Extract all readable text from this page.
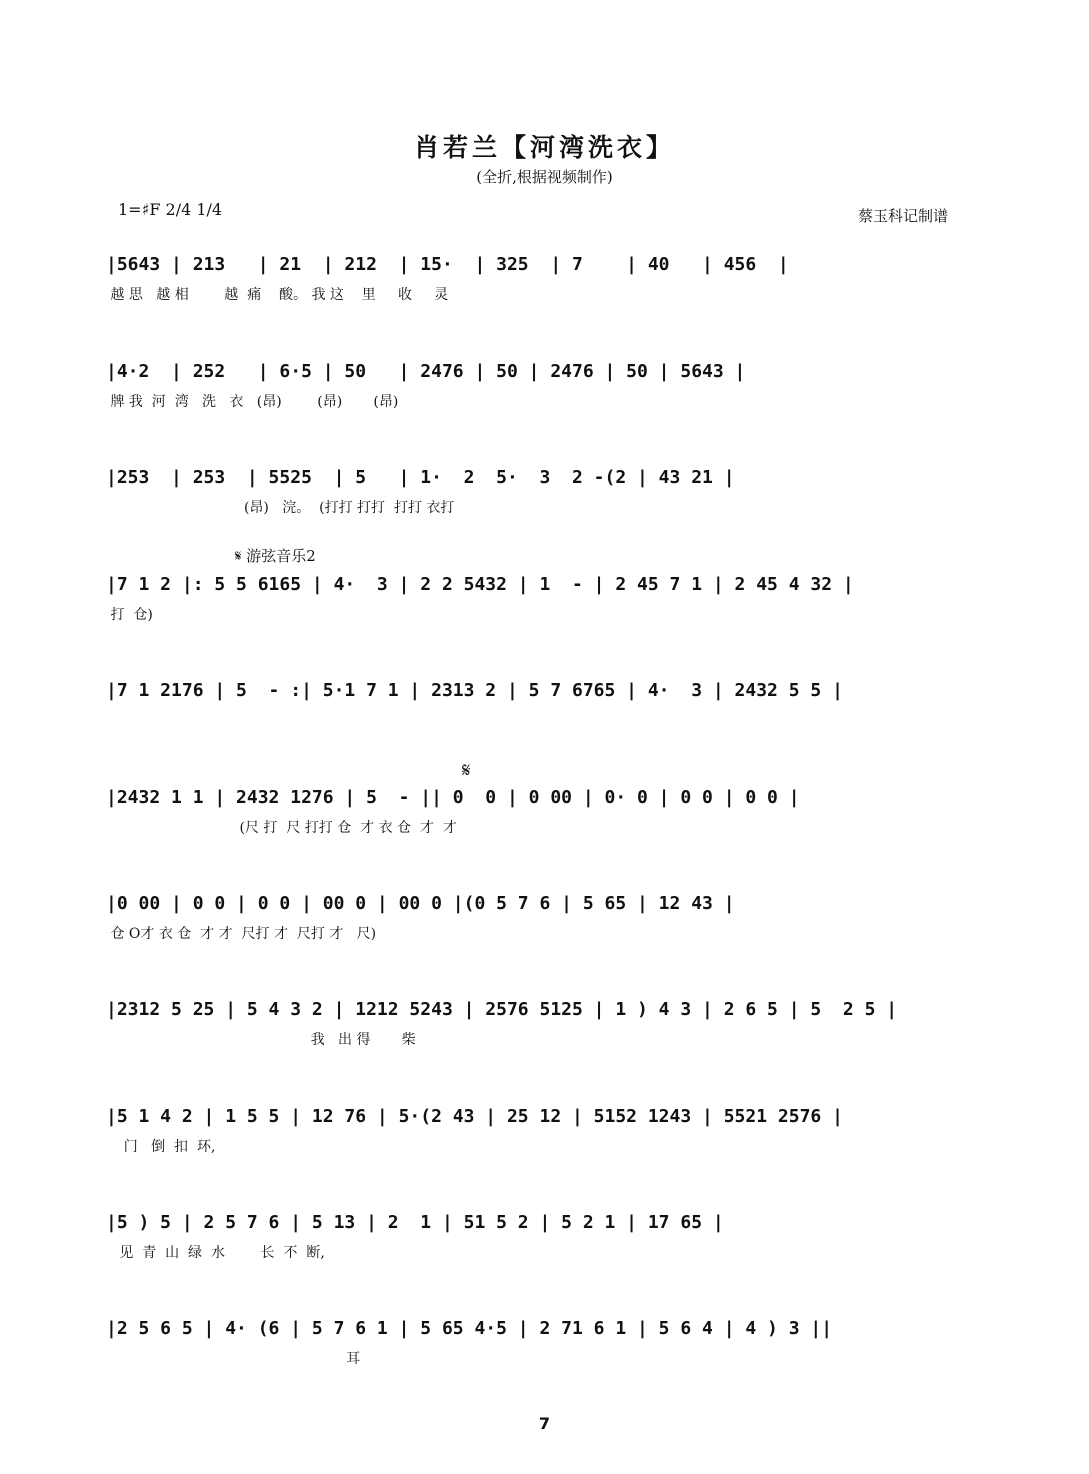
肖若兰【河湾洗衣】
(全折,根据视频制作)
1=♯F 2/4 1/4	蔡玉科记制谱
𝄋 游弦音乐2
𝄋
|5643 | 213   | 21  | 212  | 15·  | 325  | 7    | 40   | 456  |
越 思   越 相        越  痛    酸。 我 这    里     收     灵
|4·2  | 252   | 6·5 | 50   | 2476 | 50 | 2476 | 50 | 5643 |
牌 我  河  湾   洗   衣   (昂)        (昂)       (昂)
|253  | 253  | 5525  | 5   | 1·  2  5·  3  2 -(2 | 43 21 |
(昂)   浣。  (打打 打打  打打 衣打
|7 1 2 |: 5 5 6165 | 4·  3 | 2 2 5432 | 1  - | 2 45 7 1 | 2 45 4 32 |
打  仓)
|7 1 2176 | 5  - :| 5·1 7 1 | 2313 2 | 5 7 6765 | 4·  3 | 2432 5 5 |
|2432 1 1 | 2432 1276 | 5  - || 0  0 | 0 00 | 0· 0 | 0 0 | 0 0 |
(尺 打  尺 打打 仓  才 衣 仓  才  才
|0 00 | 0 0 | 0 0 | 00 0 | 00 0 |(0 5 7 6 | 5 65 | 12 43 |
仓 O才 衣 仓  才 才  尺打 才  尺打 才   尺)
|2312 5 25 | 5 4 3 2 | 1212 5243 | 2576 5125 | 1 ) 4 3 | 2 6 5 | 5  2 5 |
我   出 得       柴
|5 1 4 2 | 1 5 5 | 12 76 | 5·(2 43 | 25 12 | 5152 1243 | 5521 2576 |
门   倒  扣  环,
|5 ) 5 | 2 5 7 6 | 5 13 | 2  1 | 51 5 2 | 5 2 1 | 17 65 |
见  青  山  绿  水        长  不  断,
|2 5 6 5 | 4· (6 | 5 7 6 1 | 5 65 4·5 | 2 71 6 1 | 5 6 4 | 4 ) 3 ||
耳
7
